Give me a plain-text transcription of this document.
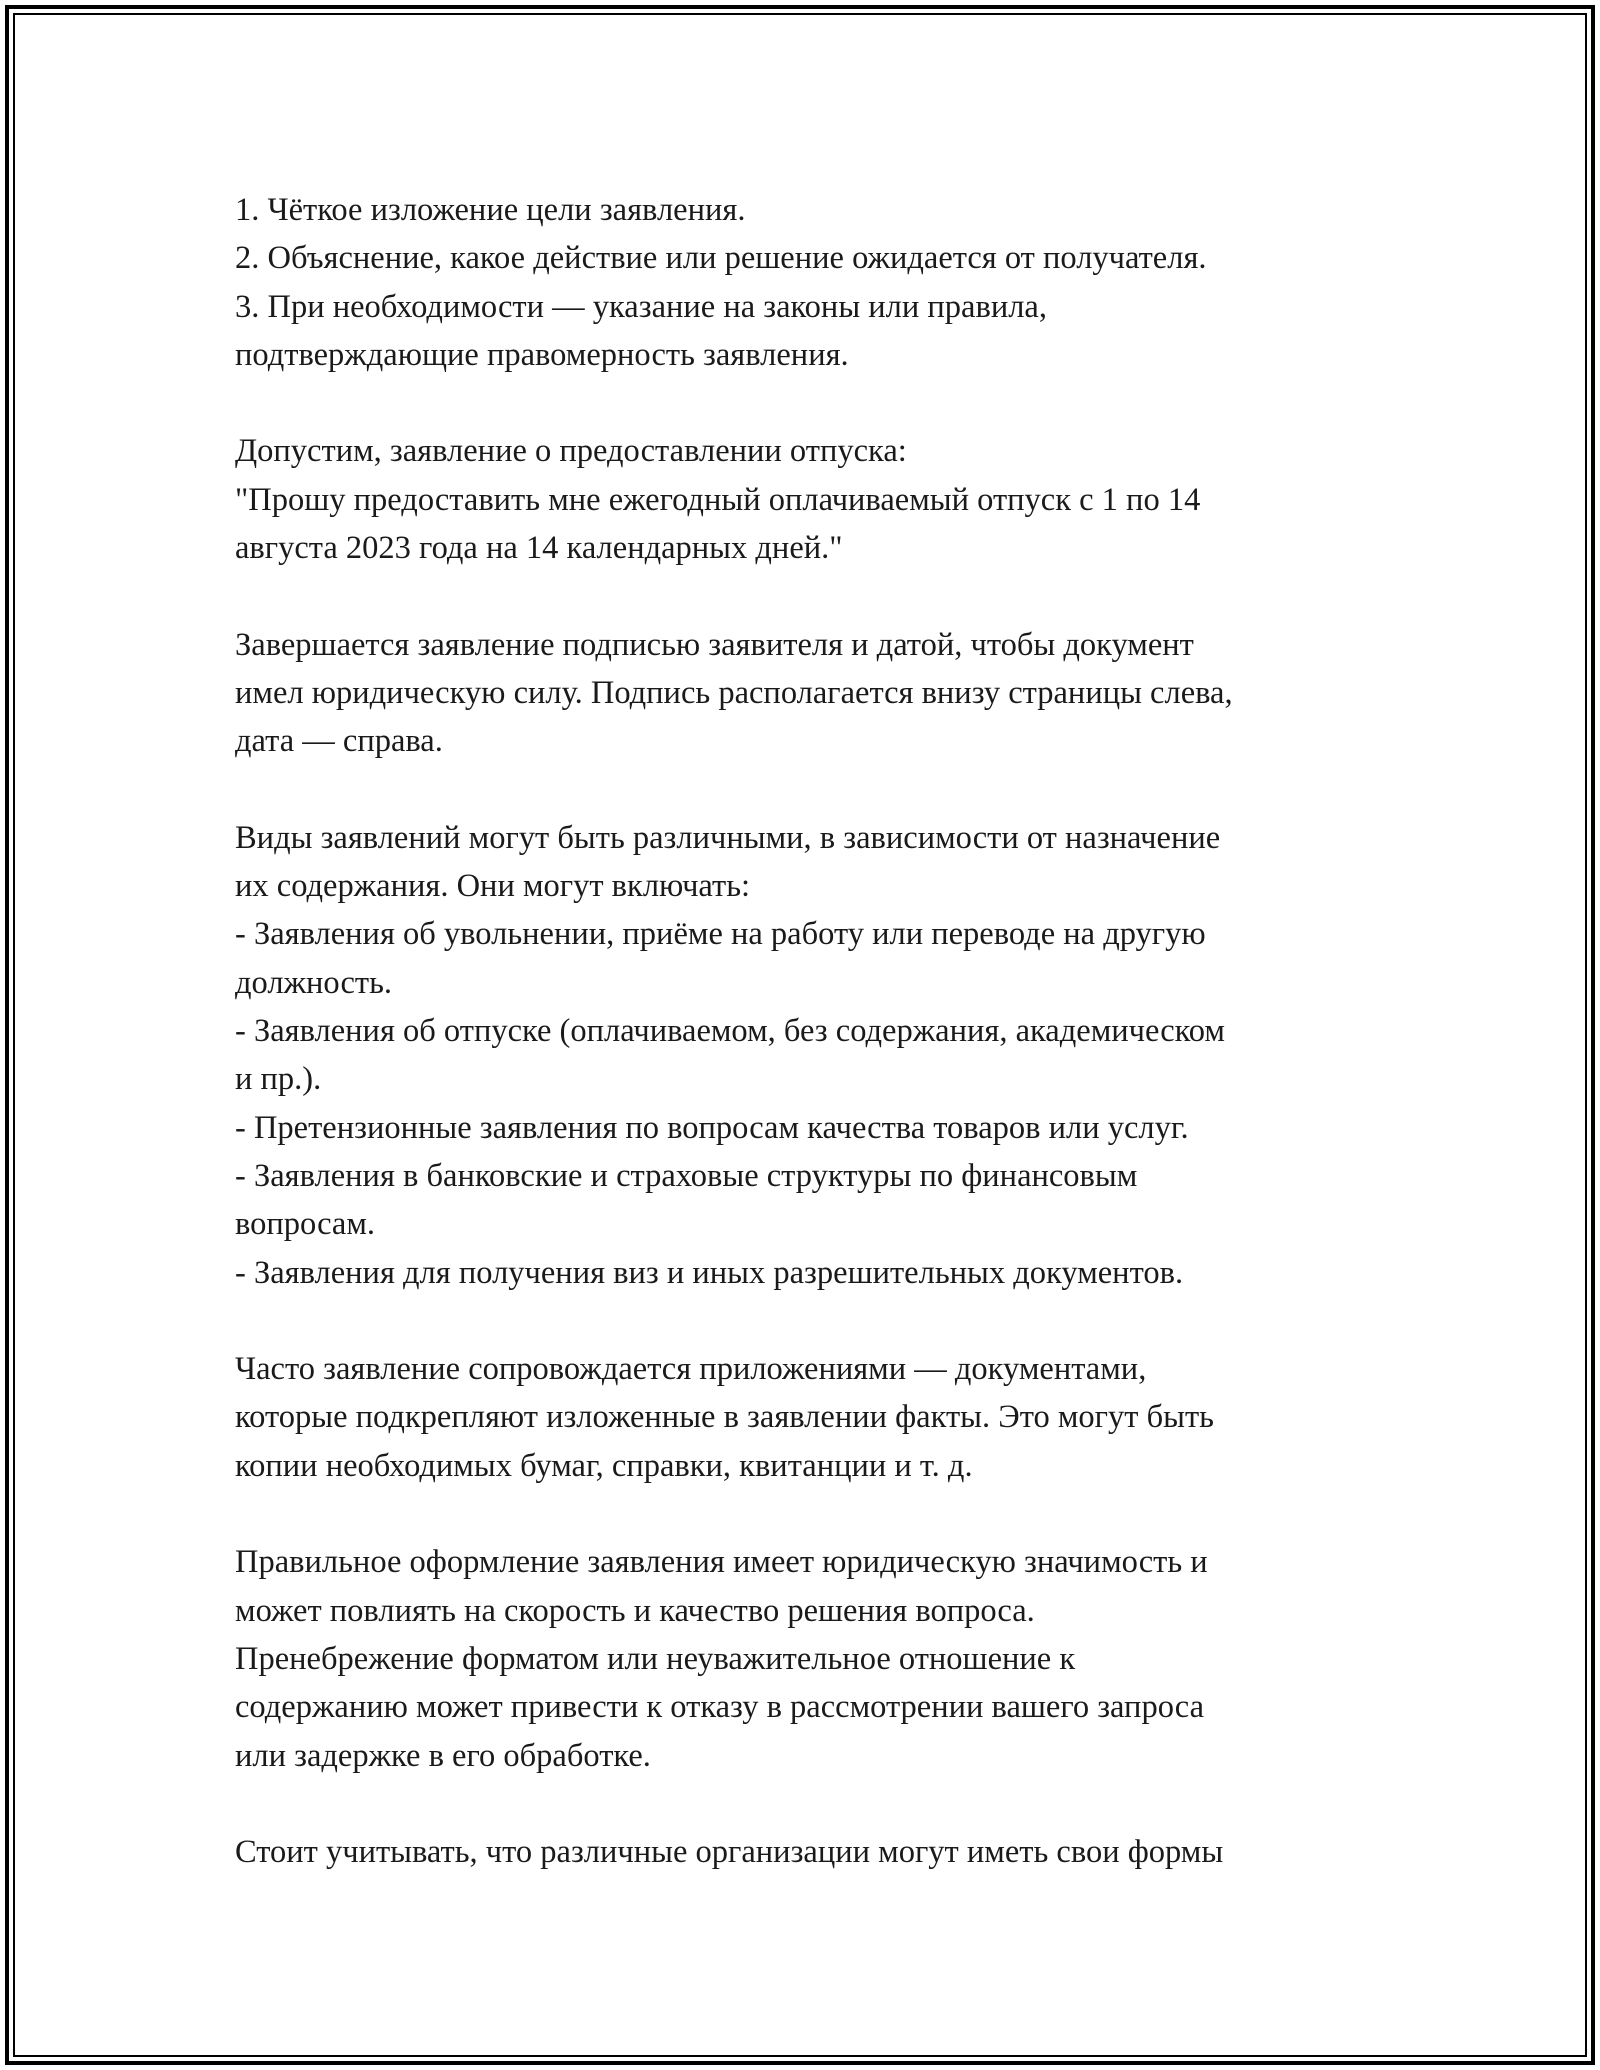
1. Чёткое изложение цели заявления.
2. Объяснение, какое действие или решение ожидается от получателя.
3. При необходимости — указание на законы или правила,
подтверждающие правомерность заявления.
Допустим, заявление о предоставлении отпуска:
"Прошу предоставить мне ежегодный оплачиваемый отпуск с 1 по 14
августа 2023 года на 14 календарных дней."
Завершается заявление подписью заявителя и датой, чтобы документ
имел юридическую силу. Подпись располагается внизу страницы слева,
дата — справа.
Виды заявлений могут быть различными, в зависимости от назначение
их содержания. Они могут включать:
- Заявления об увольнении, приёме на работу или переводе на другую
должность.
- Заявления об отпуске (оплачиваемом, без содержания, академическом
и пр.).
- Претензионные заявления по вопросам качества товаров или услуг.
- Заявления в банковские и страховые структуры по финансовым
вопросам.
- Заявления для получения виз и иных разрешительных документов.
Часто заявление сопровождается приложениями — документами,
которые подкрепляют изложенные в заявлении факты. Это могут быть
копии необходимых бумаг, справки, квитанции и т. д.
Правильное оформление заявления имеет юридическую значимость и
может повлиять на скорость и качество решения вопроса.
Пренебрежение форматом или неуважительное отношение к
содержанию может привести к отказу в рассмотрении вашего запроса
или задержке в его обработке.
Стоит учитывать, что различные организации могут иметь свои формы
